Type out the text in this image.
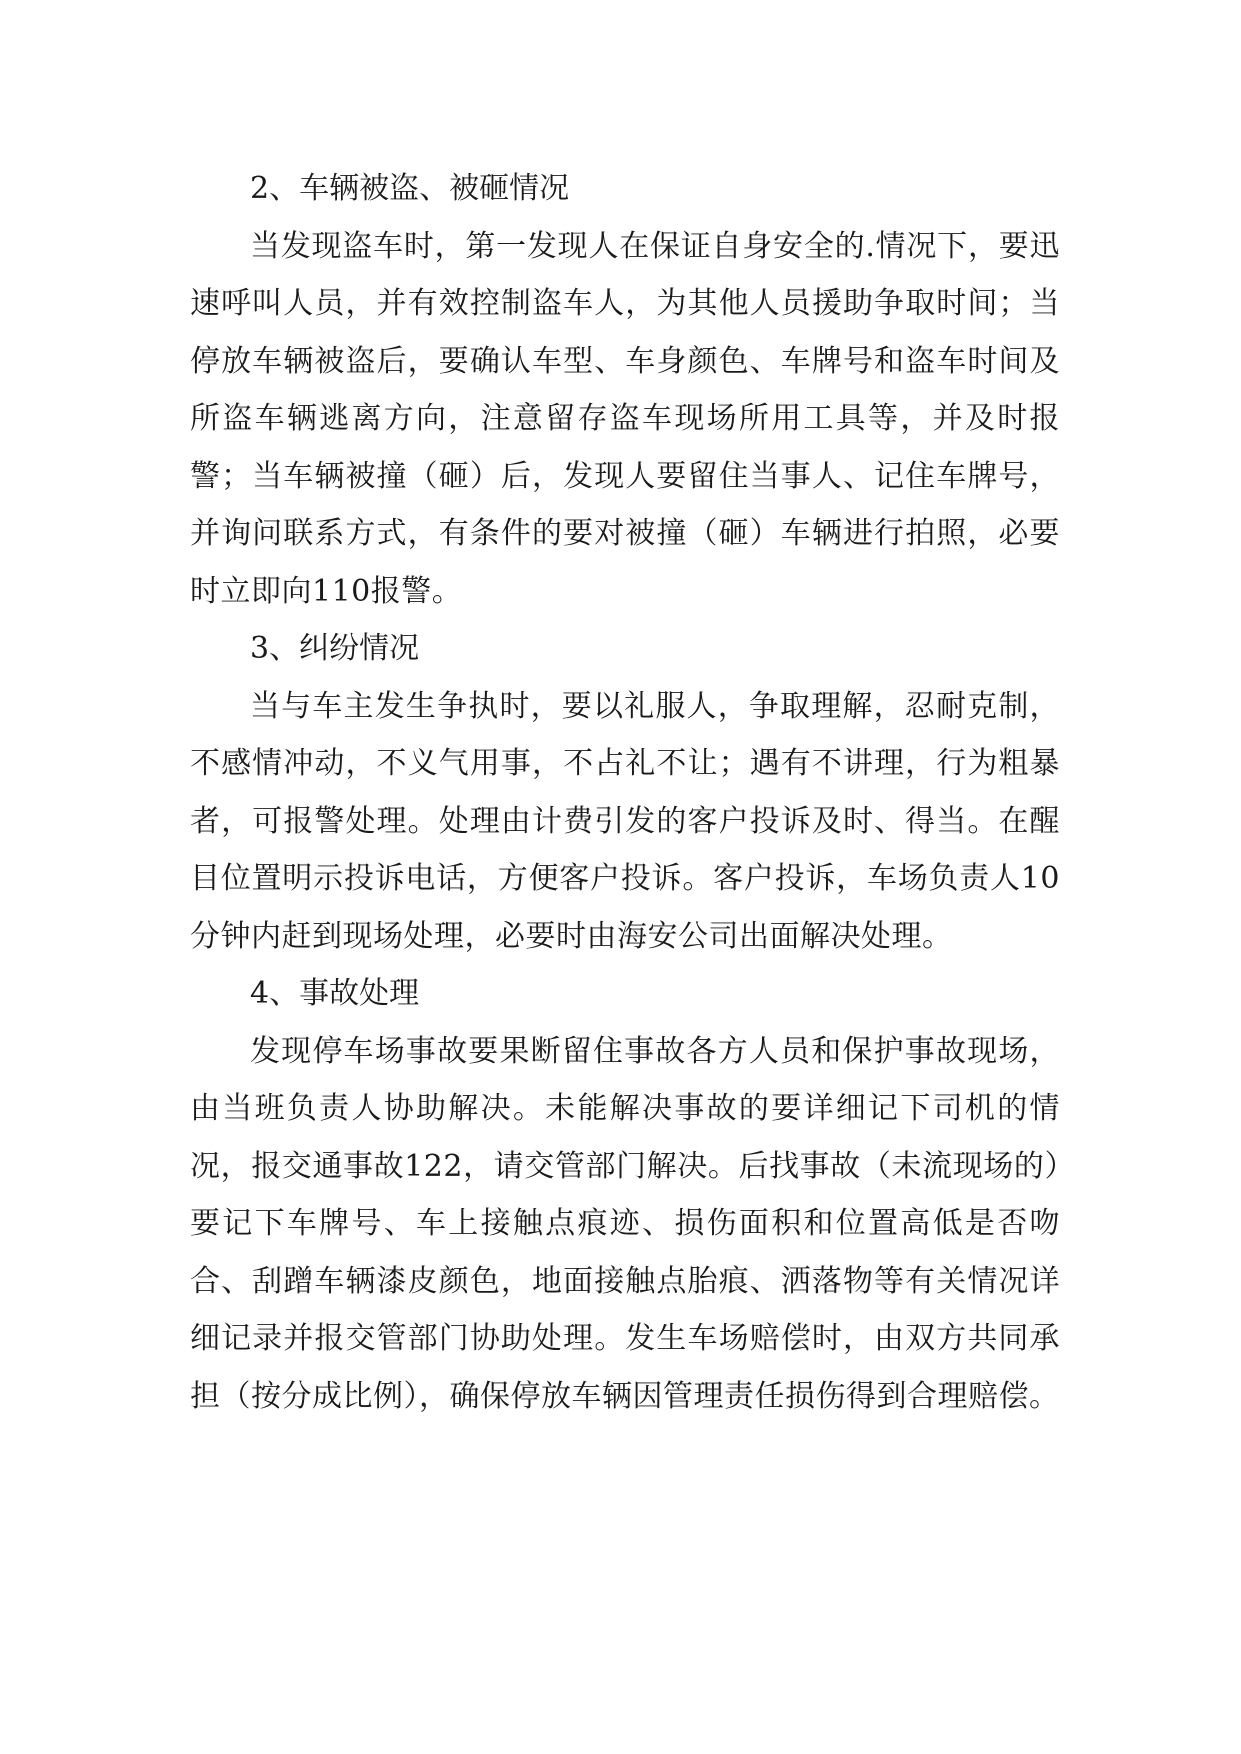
2、车辆被盗、被砸情况

当发现盗车时，第一发现人在保证自身安全的.情况下，要迅速呼叫人员，并有效控制盗车人，为其他人员援助争取时间；当停放车辆被盗后，要确认车型、车身颜色、车牌号和盗车时间及所盗车辆逃离方向，注意留存盗车现场所用工具等，并及时报警；当车辆被撞（砸）后，发现人要留住当事人、记住车牌号，并询问联系方式，有条件的要对被撞（砸）车辆进行拍照，必要时立即向110报警。

3、纠纷情况

当与车主发生争执时，要以礼服人，争取理解，忍耐克制，不感情冲动，不义气用事，不占礼不让；遇有不讲理，行为粗暴者，可报警处理。处理由计费引发的客户投诉及时、得当。在醒目位置明示投诉电话，方便客户投诉。客户投诉，车场负责人10分钟内赶到现场处理，必要时由海安公司出面解决处理。

4、事故处理

发现停车场事故要果断留住事故各方人员和保护事故现场，由当班负责人协助解决。未能解决事故的要详细记下司机的情况，报交通事故122，请交管部门解决。后找事故（未流现场的）要记下车牌号、车上接触点痕迹、损伤面积和位置高低是否吻合、刮蹭车辆漆皮颜色，地面接触点胎痕、洒落物等有关情况详细记录并报交管部门协助处理。发生车场赔偿时，由双方共同承担（按分成比例），确保停放车辆因管理责任损伤得到合理赔偿。
